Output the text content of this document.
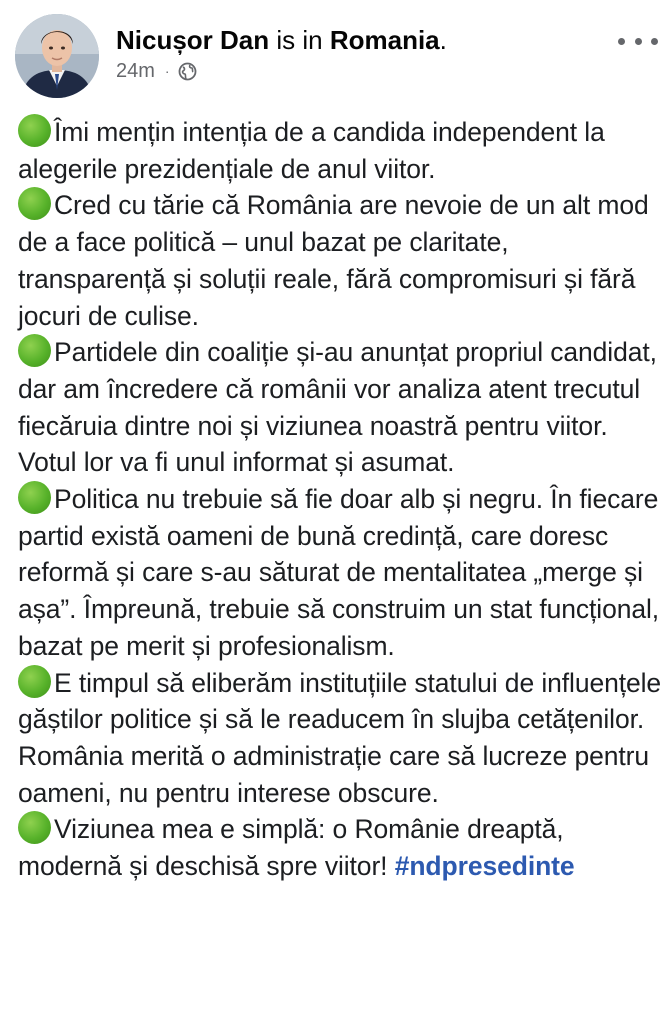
Nicușor Dan is in Romania.
24m ·

Îmi mențin intenția de a candida independent la alegerile prezidențiale de anul viitor.

Cred cu tărie că România are nevoie de un alt mod de a face politică – unul bazat pe claritate, transparență și soluții reale, fără compromisuri și fără jocuri de culise.

Partidele din coaliție și-au anunțat propriul candidat, dar am încredere că românii vor analiza atent trecutul fiecăruia dintre noi și viziunea noastră pentru viitor. Votul lor va fi unul informat și asumat.

Politica nu trebuie să fie doar alb și negru. În fiecare partid există oameni de bună credință, care doresc reformă și care s-au săturat de mentalitatea „merge și așa”. Împreună, trebuie să construim un stat funcțional, bazat pe merit și profesionalism.

E timpul să eliberăm instituțiile statului de influențele găștilor politice și să le readucem în slujba cetățenilor. România merită o administrație care să lucreze pentru oameni, nu pentru interese obscure.

Viziunea mea e simplă: o Românie dreaptă, modernă și deschisă spre viitor! #ndpresedinte
